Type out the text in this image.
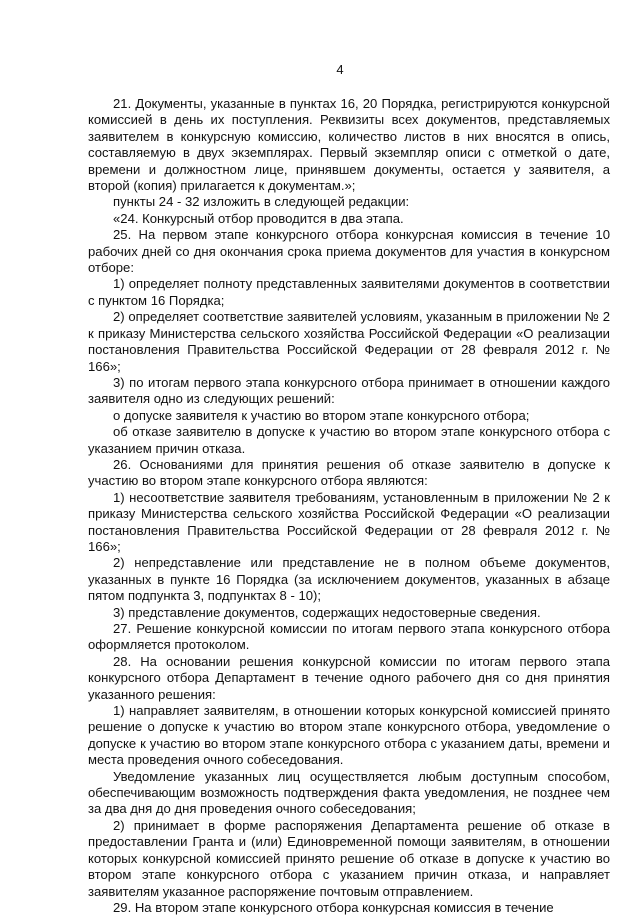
4

21. Документы, указанные в пунктах 16, 20 Порядка, регистрируются конкурсной комиссией в день их поступления. Реквизиты всех документов, представляемых заявителем в конкурсную комиссию, количество листов в них вносятся в опись, составляемую в двух экземплярах. Первый экземпляр описи с отметкой о дате, времени и должностном лице, принявшем документы, остается у заявителя, а второй (копия) прилагается к документам.»;

пункты 24 - 32 изложить в следующей редакции:

«24. Конкурсный отбор проводится в два этапа.

25. На первом этапе конкурсного отбора конкурсная комиссия в течение 10 рабочих дней со дня окончания срока приема документов для участия в конкурсном отборе:

1) определяет полноту представленных заявителями документов в соответствии с пунктом 16 Порядка;

2) определяет соответствие заявителей условиям, указанным в приложении № 2 к приказу Министерства сельского хозяйства Российской Федерации «О реализации постановления Правительства Российской Федерации от 28 февраля 2012 г. № 166»;

3) по итогам первого этапа конкурсного отбора принимает в отношении каждого заявителя одно из следующих решений:

о допуске заявителя к участию во втором этапе конкурсного отбора;

об отказе заявителю в допуске к участию во втором этапе конкурсного отбора с указанием причин отказа.

26. Основаниями для принятия решения об отказе заявителю в допуске к участию во втором этапе конкурсного отбора являются:

1) несоответствие заявителя требованиям, установленным в приложении № 2 к приказу Министерства сельского хозяйства Российской Федерации «О реализации постановления Правительства Российской Федерации от 28 февраля 2012 г. № 166»;

2) непредставление или представление не в полном объеме документов, указанных в пункте 16 Порядка (за исключением документов, указанных в абзаце пятом подпункта 3, подпунктах 8 - 10);

3) представление документов, содержащих недостоверные сведения.

27. Решение конкурсной комиссии по итогам первого этапа конкурсного отбора оформляется протоколом.

28. На основании решения конкурсной комиссии по итогам первого этапа конкурсного отбора Департамент в течение одного рабочего дня со дня принятия указанного решения:

1) направляет заявителям, в отношении которых конкурсной комиссией принято решение о допуске к участию во втором этапе конкурсного отбора, уведомление о допуске к участию во втором этапе конкурсного отбора с указанием даты, времени и места проведения очного собеседования.

Уведомление указанных лиц осуществляется любым доступным способом, обеспечивающим возможность подтверждения факта уведомления, не позднее чем за два дня до дня проведения очного собеседования;

2) принимает в форме распоряжения Департамента решение об отказе в предоставлении Гранта и (или) Единовременной помощи заявителям, в отношении которых конкурсной комиссией принято решение об отказе в допуске к участию во втором этапе конкурсного отбора с указанием причин отказа, и направляет заявителям указанное распоряжение почтовым отправлением.

29. На втором этапе конкурсного отбора конкурсная комиссия в течение
